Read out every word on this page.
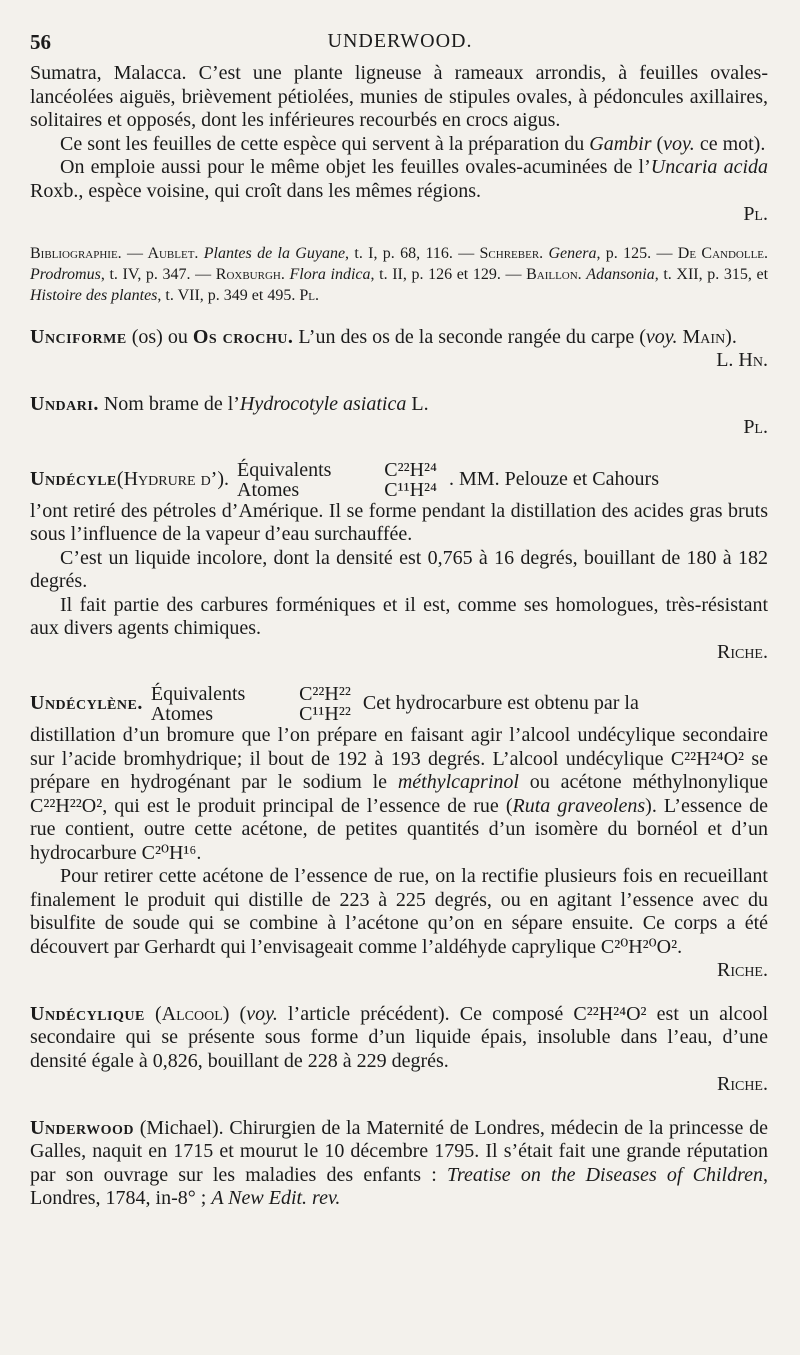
56	UNDERWOOD.

Sumatra, Malacca. C’est une plante ligneuse à rameaux arrondis, à feuilles ovales-lancéolées aiguës, brièvement pétiolées, munies de stipules ovales, à pédoncules axillaires, solitaires et opposés, dont les inférieures recourbés en crocs aigus.

Ce sont les feuilles de cette espèce qui servent à la préparation du Gambir (voy. ce mot).

On emploie aussi pour le même objet les feuilles ovales-acuminées de l’Uncaria acida Roxb., espèce voisine, qui croît dans les mêmes régions.

Pl.

Bibliographie. — Aublet. Plantes de la Guyane, t. I, p. 68, 116. — Schreber. Genera, p. 125. — De Candolle. Prodromus, t. IV, p. 347. — Roxburgh. Flora indica, t. II, p. 126 et 129. — Baillon. Adansonia, t. XII, p. 315, et Histoire des plantes, t. VII, p. 349 et 495. Pl.

Unciforme (os) ou Os crochu. L’un des os de la seconde rangée du carpe (voy. Main).

L. Hn.

Undari. Nom brame de l’Hydrocotyle asiatica L.

Pl.

Undécyle (Hydrure d’). Équivalents	C²²H²⁴
Atomes	C¹¹H²⁴ . MM. Pelouze et Cahours

l’ont retiré des pétroles d’Amérique. Il se forme pendant la distillation des acides gras bruts sous l’influence de la vapeur d’eau surchauffée.

C’est un liquide incolore, dont la densité est 0,765 à 16 degrés, bouillant de 180 à 182 degrés.

Il fait partie des carbures forméniques et il est, comme ses homologues, très-résistant aux divers agents chimiques.

Riche.

Undécylène. Équivalents	C²²H²²
Atomes	C¹¹H²² Cet hydrocarbure est obtenu par la

distillation d’un bromure que l’on prépare en faisant agir l’alcool undécylique secondaire sur l’acide bromhydrique; il bout de 192 à 193 degrés. L’alcool undécylique C²²H²⁴O² se prépare en hydrogénant par le sodium le méthylcaprinol ou acétone méthylnonylique C²²H²²O², qui est le produit principal de l’essence de rue (Ruta graveolens). L’essence de rue contient, outre cette acétone, de petites quantités d’un isomère du bornéol et d’un hydrocarbure C²⁰H¹⁶.

Pour retirer cette acétone de l’essence de rue, on la rectifie plusieurs fois en recueillant finalement le produit qui distille de 223 à 225 degrés, ou en agitant l’essence avec du bisulfite de soude qui se combine à l’acétone qu’on en sépare ensuite. Ce corps a été découvert par Gerhardt qui l’envisageait comme l’aldéhyde caprylique C²⁰H²⁰O².

Riche.

Undécylique (Alcool) (voy. l’article précédent). Ce composé C²²H²⁴O² est un alcool secondaire qui se présente sous forme d’un liquide épais, insoluble dans l’eau, d’une densité égale à 0,826, bouillant de 228 à 229 degrés.

Riche.

Underwood (Michael). Chirurgien de la Maternité de Londres, médecin de la princesse de Galles, naquit en 1715 et mourut le 10 décembre 1795. Il s’était fait une grande réputation par son ouvrage sur les maladies des enfants : Treatise on the Diseases of Children, Londres, 1784, in-8° ; A New Edit. rev.
